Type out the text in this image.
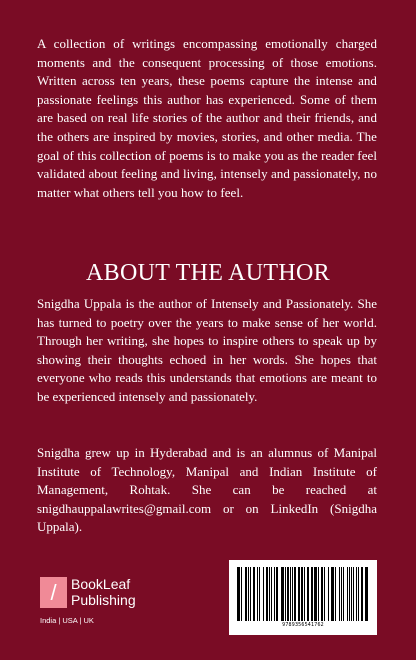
A collection of writings encompassing emotionally charged moments and the consequent processing of those emotions. Written across ten years, these poems capture the intense and passionate feelings this author has experienced. Some of them are based on real life stories of the author and their friends, and the others are inspired by movies, stories, and other media. The goal of this collection of poems is to make you as the reader feel validated about feeling and living, intensely and passionately, no matter what others tell you how to feel.

ABOUT THE AUTHOR

Snigdha Uppala is the author of Intensely and Passionately. She has turned to poetry over the years to make sense of her world. Through her writing, she hopes to inspire others to speak up by showing their thoughts echoed in her words. She hopes that everyone who reads this understands that emotions are meant to be experienced intensely and passionately.

Snigdha grew up in Hyderabad and is an alumnus of Manipal Institute of Technology, Manipal and Indian Institute of Management, Rohtak. She can be reached at snigdhauppalawrites@gmail.com or on LinkedIn (Snigdha Uppala).

/ BookLeaf
Publishing
India | USA | UK	9789356541762
